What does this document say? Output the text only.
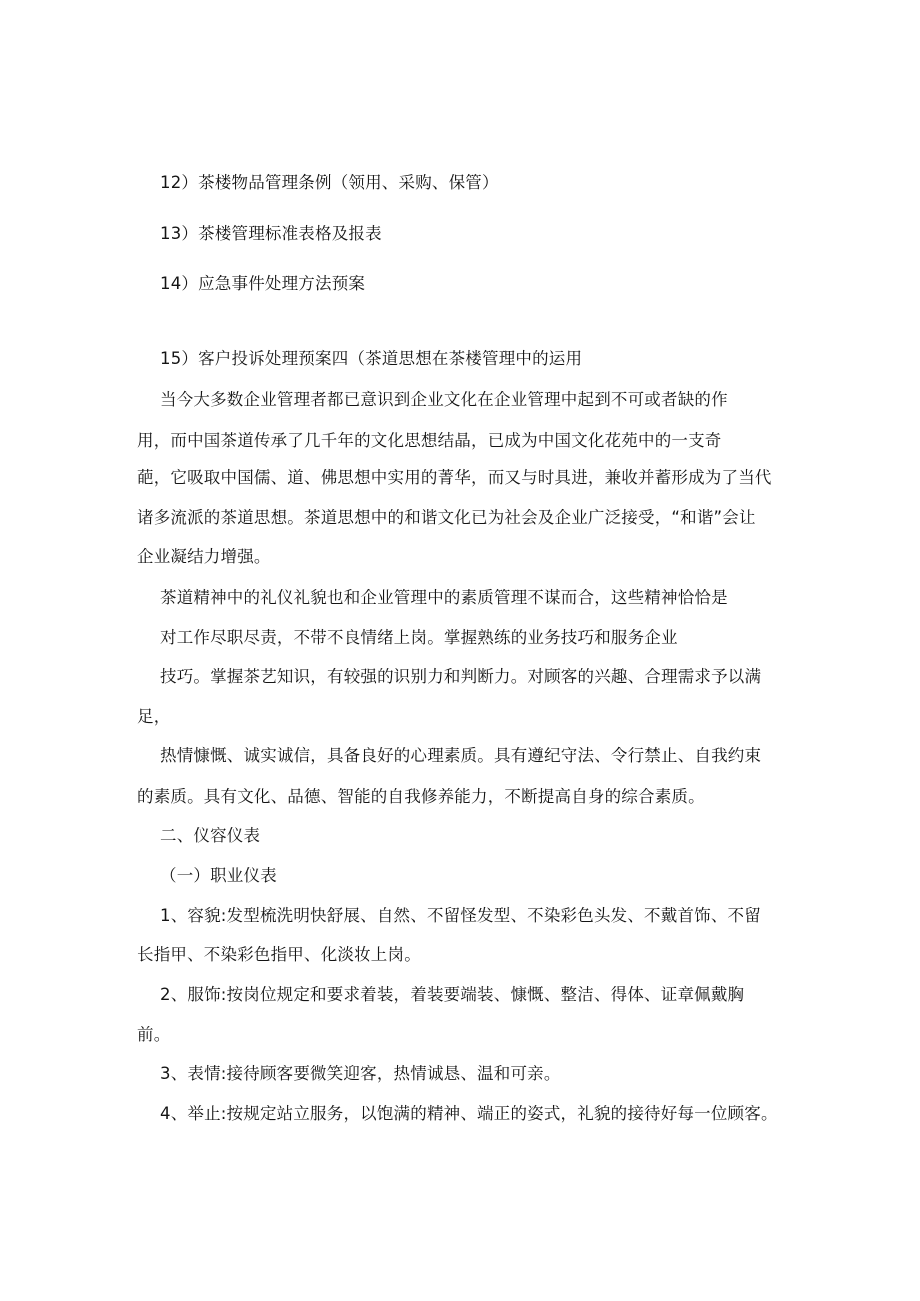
12）茶楼物品管理条例（领用、采购、保管）
13）茶楼管理标准表格及报表
14）应急事件处理方法预案
15）客户投诉处理预案四（茶道思想在茶楼管理中的运用
当今大多数企业管理者都已意识到企业文化在企业管理中起到不可或者缺的作
用，而中国茶道传承了几千年的文化思想结晶，已成为中国文化花苑中的一支奇
葩，它吸取中国儒、道、佛思想中实用的菁华，而又与时具进，兼收并蓄形成为了当代
诸多流派的茶道思想。茶道思想中的和谐文化已为社会及企业广泛接受，“和谐”会让
企业凝结力增强。
茶道精神中的礼仪礼貌也和企业管理中的素质管理不谋而合，这些精神恰恰是
对工作尽职尽责，不带不良情绪上岗。掌握熟练的业务技巧和服务企业
技巧。掌握茶艺知识，有较强的识别力和判断力。对顾客的兴趣、合理需求予以满
足，
热情慷慨、诚实诚信，具备良好的心理素质。具有遵纪守法、令行禁止、自我约束
的素质。具有文化、品德、智能的自我修养能力，不断提高自身的综合素质。
二、仪容仪表
（一）职业仪表
1、容貌:发型梳洗明快舒展、自然、不留怪发型、不染彩色头发、不戴首饰、不留
长指甲、不染彩色指甲、化淡妆上岗。
2、服饰:按岗位规定和要求着装，着装要端装、慷慨、整洁、得体、证章佩戴胸
前。
3、表情:接待顾客要微笑迎客，热情诚恳、温和可亲。
4、举止:按规定站立服务，以饱满的精神、端正的姿式，礼貌的接待好每一位顾客。
